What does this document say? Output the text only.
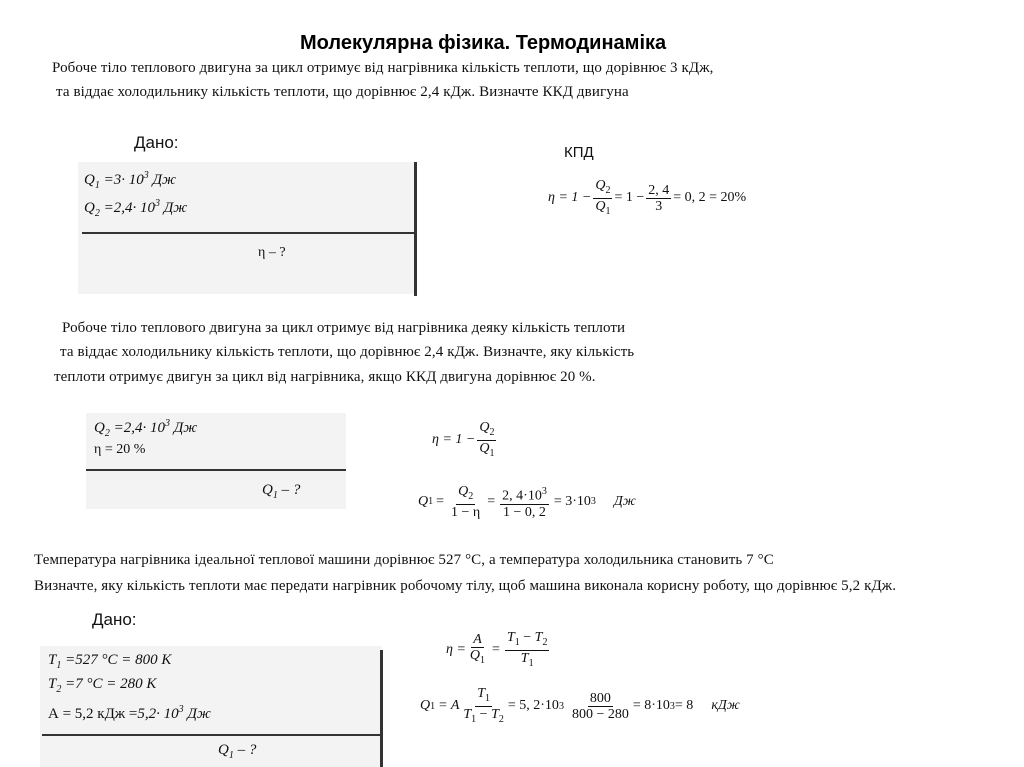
Молекулярна фізика. Термодинаміка
Робоче тіло теплового двигуна за цикл отримує від нагрівника кількість теплоти, що дорівнює 3 кДж,
та віддає холодильнику кількість теплоти, що дорівнює 2,4 кДж. Визначте ККД двигуна
Дано:
$Q_1 =3\cdot 10^3$ Дж
$Q_2 =2,4\cdot 10^3$ Дж
η – ?
КПД
$\eta = 1 - \frac{Q_2}{Q_1} = 1 - \frac{2, 4}{3} = 0$, 2 = 20%
Робоче тіло теплового двигуна за цикл отримує від нагрівника деяку кількість теплоти
та віддає холодильнику кількість теплоти, що дорівнює 2,4 кДж. Визначте, яку кількість
теплоти отримує двигун за цикл від нагрівника, якщо ККД двигуна дорівнює 20 %.
$Q_2 =2,4\cdot 10^3$ Дж
η = 20 %
$Q_1$ – ?
$\eta = 1 - \frac{Q_2}{Q_1}$
Q $1 = \frac{Q_2}{1 - \eta} = \frac{2, 4\cdot 10^3}{1 - 0, 2} = 3\cdot 10$ 3 Дж
Температура нагрівника ідеальної теплової машини дорівнює 527 °С, а температура холодильника становить 7 °С
Визначте, яку кількість теплоти має передати нагрівник робочому тілу, щоб машина виконала корисну роботу, що дорівнює 5,2 кДж.
Дано:
$T_1 =527$ °С = 800 К
$T_2 =7$ °С = 280 К
А = 5,2 кДж $=5,2\cdot 10^3$ Дж
$Q_1$ – ?
$\eta = \frac{A}{Q_1} = \frac{T_1 - T_2}{T_1}$
Q 1 = A $\frac{T_1}{T_1 - T_2} = 5$, 2·10 $3 \frac{800}{800 - 280} = 8\cdot 10$ 3 = 8 кДж
